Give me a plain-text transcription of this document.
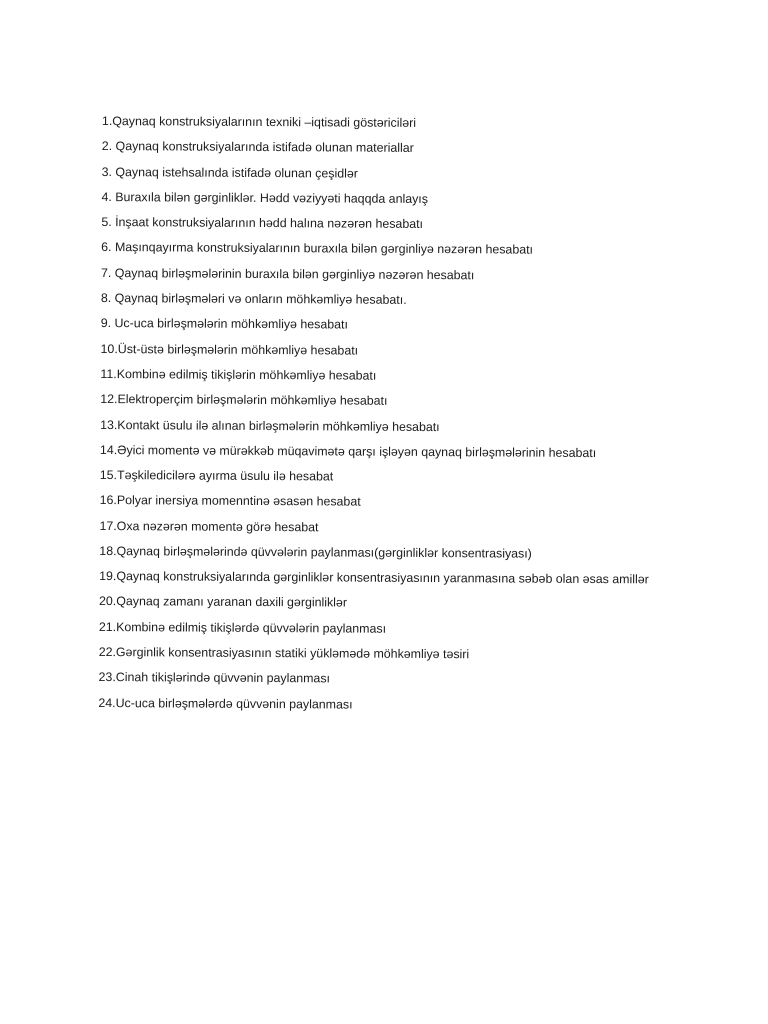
1.Qaynaq konstruksiyalarının texniki –iqtisadi göstəriciləri
2. Qaynaq konstruksiyalarında istifadə olunan materiallar
3. Qaynaq istehsalında istifadə olunan çeşidlər
4. Buraxıla bilən gərginliklər. Hədd vəziyyəti haqqda anlayış
5. İnşaat konstruksiyalarının hədd halına nəzərən hesabatı
6. Maşınqayırma konstruksiyalarının buraxıla bilən gərginliyə nəzərən hesabatı
7. Qaynaq birləşmələrinin buraxıla bilən gərginliyə nəzərən hesabatı
8. Qaynaq birləşmələri və onların möhkəmliyə hesabatı.
9. Uc-uca birləşmələrin möhkəmliyə hesabatı
10.Üst-üstə birləşmələrin möhkəmliyə hesabatı
11.Kombinə edilmiş tikişlərin möhkəmliyə hesabatı
12.Elektroperçim birləşmələrin möhkəmliyə hesabatı
13.Kontakt üsulu ilə alınan birləşmələrin möhkəmliyə hesabatı
14.Əyici momentə və mürəkkəb müqavimətə qarşı işləyən qaynaq birləşmələrinin hesabatı
15.Təşkiledicilərə ayırma üsulu ilə hesabat
16.Polyar inersiya momenntinə əsasən hesabat
17.Oxa nəzərən momentə görə hesabat
18.Qaynaq birləşmələrində qüvvələrin paylanması(gərginliklər konsentrasiyası)
19.Qaynaq konstruksiyalarında gərginliklər konsentrasiyasının yaranmasına səbəb olan əsas amillər
20.Qaynaq zamanı yaranan daxili gərginliklər
21.Kombinə edilmiş tikişlərdə qüvvələrin paylanması
22.Gərginlik konsentrasiyasının statiki yükləmədə möhkəmliyə təsiri
23.Cinah tikişlərində qüvvənin paylanması
24.Uc-uca birləşmələrdə qüvvənin paylanması
